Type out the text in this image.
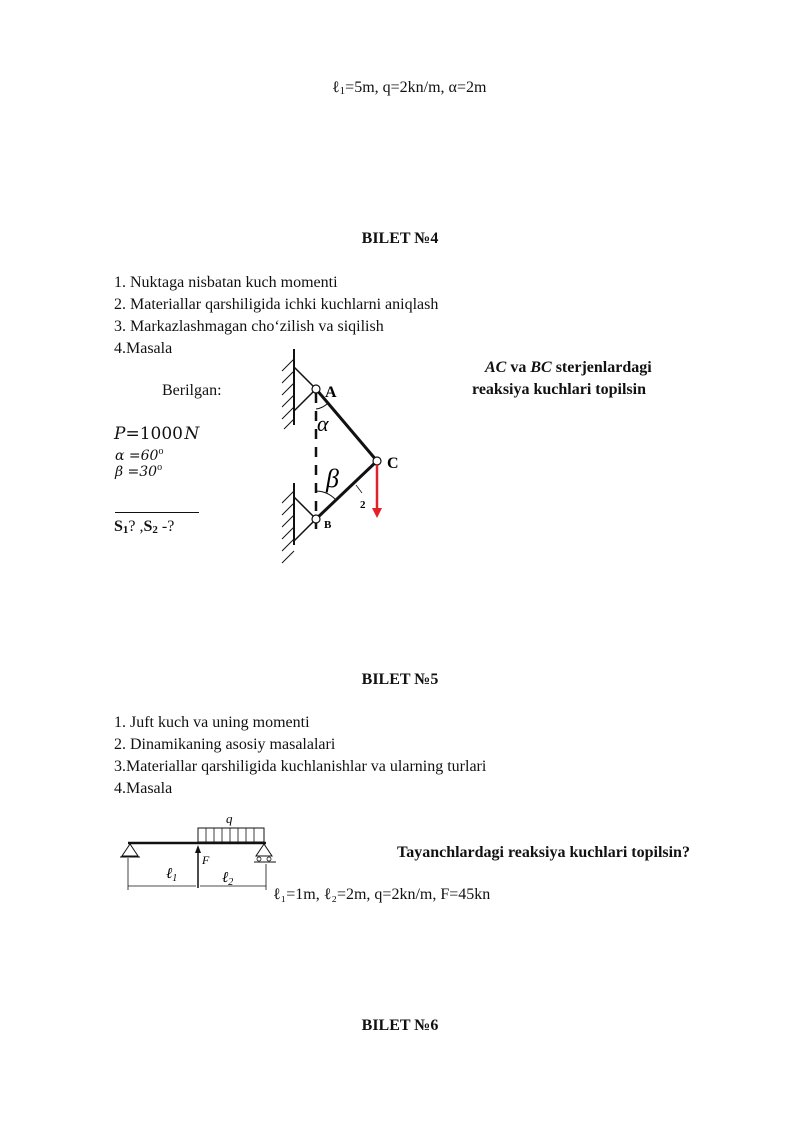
ℓ1=5m, q=2kn/m, α=2m
BILET №4
1. Nuktaga nisbatan kuch momenti
2. Materiallar qarshiligida ichki kuchlarni aniqlash
3. Markazlashmagan cho‘zilish va siqilish
4.Masala
Berilgan:
P=1000 N
$\alpha =60^o$
$\beta =30^o$
S1? ,S2 -?
AC va BC sterjenlardagi
reaksiya kuchlari topilsin
A
B
C
α
β
2
BILET №5
1. Juft kuch va uning momenti
2. Dinamikaning asosiy masalalari
3.Materiallar qarshiligida kuchlanishlar va ularning turlari
4.Masala
q
F
ℓ$_1$	ℓ$_2$
Tayanchlardagi reaksiya kuchlari topilsin?
ℓ₁=1m, ℓ₂=2m, q=2kn/m, F=45kn
BILET №6
